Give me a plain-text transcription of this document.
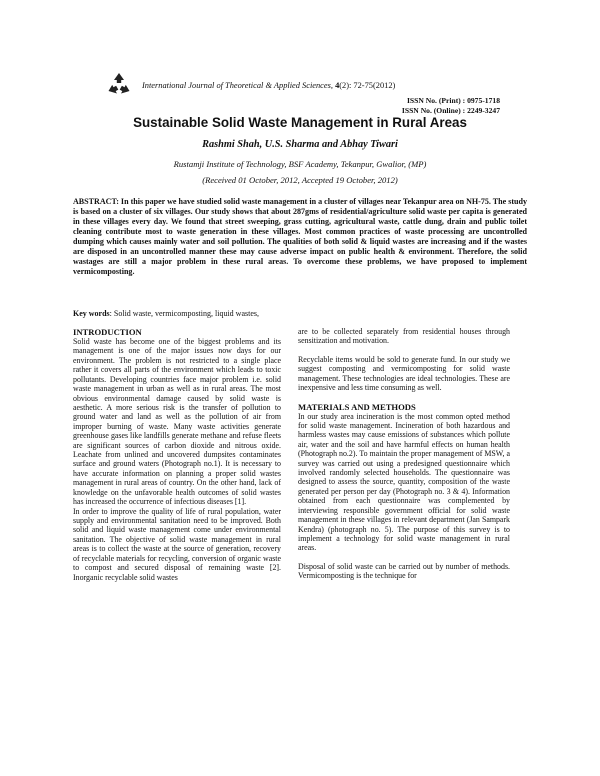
International Journal of Theoretical & Applied Sciences, 4(2): 72-75(2012)
ISSN No. (Print) : 0975-1718
ISSN No. (Online) : 2249-3247
Sustainable Solid Waste Management in Rural Areas
Rashmi Shah, U.S. Sharma and Abhay Tiwari
Rustamji Institute of Technology, BSF Academy, Tekanpur, Gwalior, (MP)
(Received 01 October, 2012, Accepted 19 October, 2012)
ABSTRACT: In this paper we have studied solid waste management in a cluster of villages near Tekanpur area on NH-75. The study is based on a cluster of six villages. Our study shows that about 287gms of residential/agriculture solid waste per capita is generated in these villages every day. We found that street sweeping, grass cutting, agricultural waste, cattle dung, drain and public toilet cleaning contribute most to waste generation in these villages. Most common practices of waste processing are uncontrolled dumping which causes mainly water and soil pollution. The qualities of both solid & liquid wastes are increasing and if the wastes are disposed in an uncontrolled manner these may cause adverse impact on public health & environment. Therefore, the solid wastages are still a major problem in these rural areas. To overcome these problems, we have proposed to implement vermicomposting.
Key words: Solid waste, vermicomposting, liquid wastes,

INTRODUCTION

Solid waste has become one of the biggest problems and its management is one of the major issues now days for our environment. The problem is not restricted to a single place rather it covers all parts of the environment which leads to toxic pollutants. Developing countries face major problem i.e. solid waste management in urban as well as in rural areas. The most obvious environmental damage caused by solid waste is aesthetic. A more serious risk is the transfer of pollution to ground water and land as well as the pollution of air from improper burning of waste. Many waste activities generate greenhouse gases like landfills generate methane and refuse fleets are significant sources of carbon dioxide and nitrous oxide. Leachate from unlined and uncovered dumpsites contaminates surface and ground waters (Photograph no.1). It is necessary to have accurate information on planning a proper solid wastes management in rural areas of country. On the other hand, lack of knowledge on the unfavorable health outcomes of solid wastes has increased the occurrence of infectious diseases [1].

In order to improve the quality of life of rural population, water supply and environmental sanitation need to be improved. Both solid and liquid waste management come under environmental sanitation. The objective of solid waste management in rural areas is to collect the waste at the source of generation, recovery of recyclable materials for recycling, conversion of organic waste to compost and secured disposal of remaining waste [2]. Inorganic recyclable solid wastes

are to be collected separately from residential houses through sensitization and motivation.

Recyclable items would be sold to generate fund. In our study we suggest composting and vermicomposting for solid waste management. These technologies are ideal technologies. These are inexpensive and less time consuming as well.

MATERIALS AND METHODS

In our study area incineration is the most common opted method for solid waste management. Incineration of both hazardous and harmless wastes may cause emissions of substances which pollute air, water and the soil and have harmful effects on human health (Photograph no.2). To maintain the proper management of MSW, a survey was carried out using a predesigned questionnaire which involved randomly selected households. The questionnaire was designed to assess the source, quantity, composition of the waste generated per person per day (Photograph no. 3 & 4). Information obtained from each questionnaire was complemented by interviewing responsible government official for solid waste management in these villages in relevant department (Jan Sampark Kendra) (photograph no. 5). The purpose of this survey is to implement a technology for solid waste management in rural areas.

Disposal of solid waste can be carried out by number of methods. Vermicomposting is the technique for
